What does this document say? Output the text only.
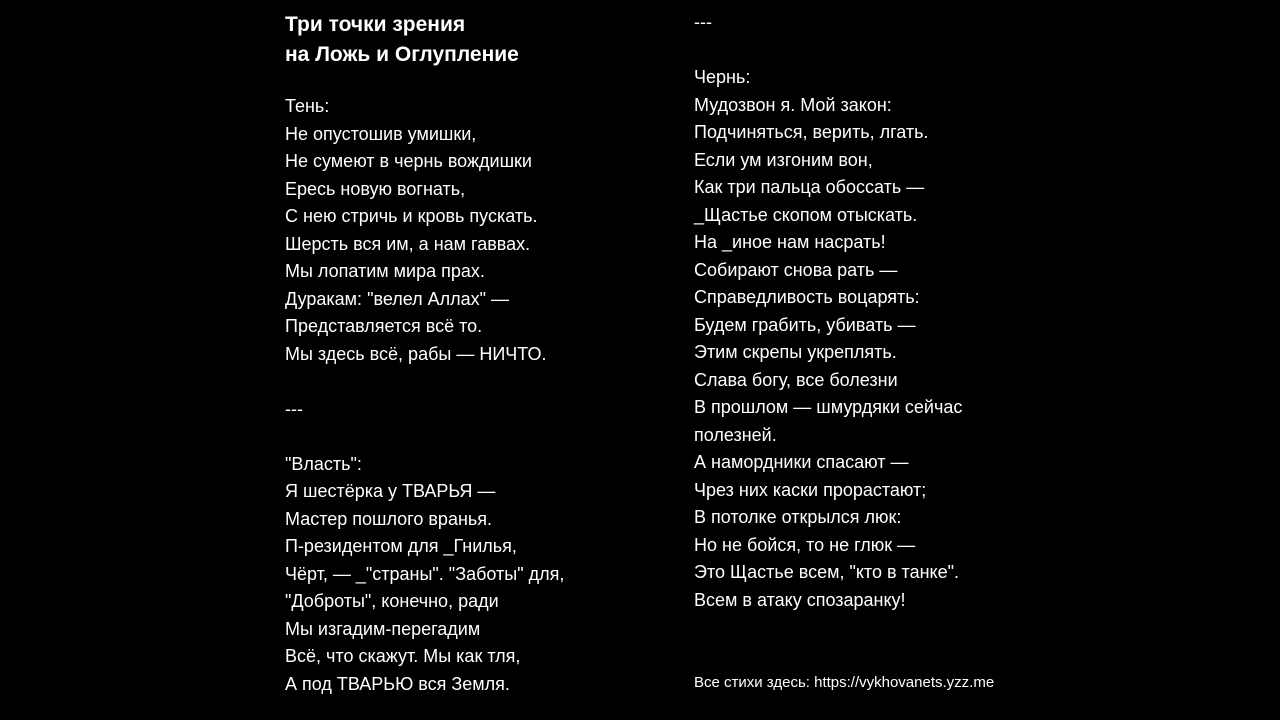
Три точки зрения
на Ложь и Оглупление
Тень:
Не опустошив умишки,
Не сумеют в чернь вождишки
Ересь новую вогнать,
С нею стричь и кровь пускать.
Шерсть вся им, а нам гаввах.
Мы лопатим мира прах.
Дуракам: "велел Аллах" —
Представляется всё то.
Мы здесь всё, рабы — НИЧТО.
---
"Власть":
Я шестёрка у ТВАРЬЯ —
Мастер пошлого вранья.
П-резидентом для _Гнилья,
Чёрт, — _"страны". "Заботы" для,
"Доброты", конечно, ради
Мы изгадим-перегадим
Всё, что скажут. Мы как тля,
А под ТВАРЬЮ вся Земля.
---
Чернь:
Мудозвон я. Мой закон:
Подчиняться, верить, лгать.
Если ум изгоним вон,
Как три пальца обоссать —
_Щастье скопом отыскать.
На _иное нам насрать!
Собирают снова рать —
Справедливость воцарять:
Будем грабить, убивать —
Этим скрепы укреплять.
Слава богу, все болезни
В прошлом — шмурдяки сейчас
полезней.
А намордники спасают —
Чрез них каски прорастают;
В потолке открылся люк:
Но не бойся, то не глюк —
Это Щастье всем, "кто в танке".
Всем в атаку спозаранку!
Все стихи здесь: https://vykhovanets.yzz.me
